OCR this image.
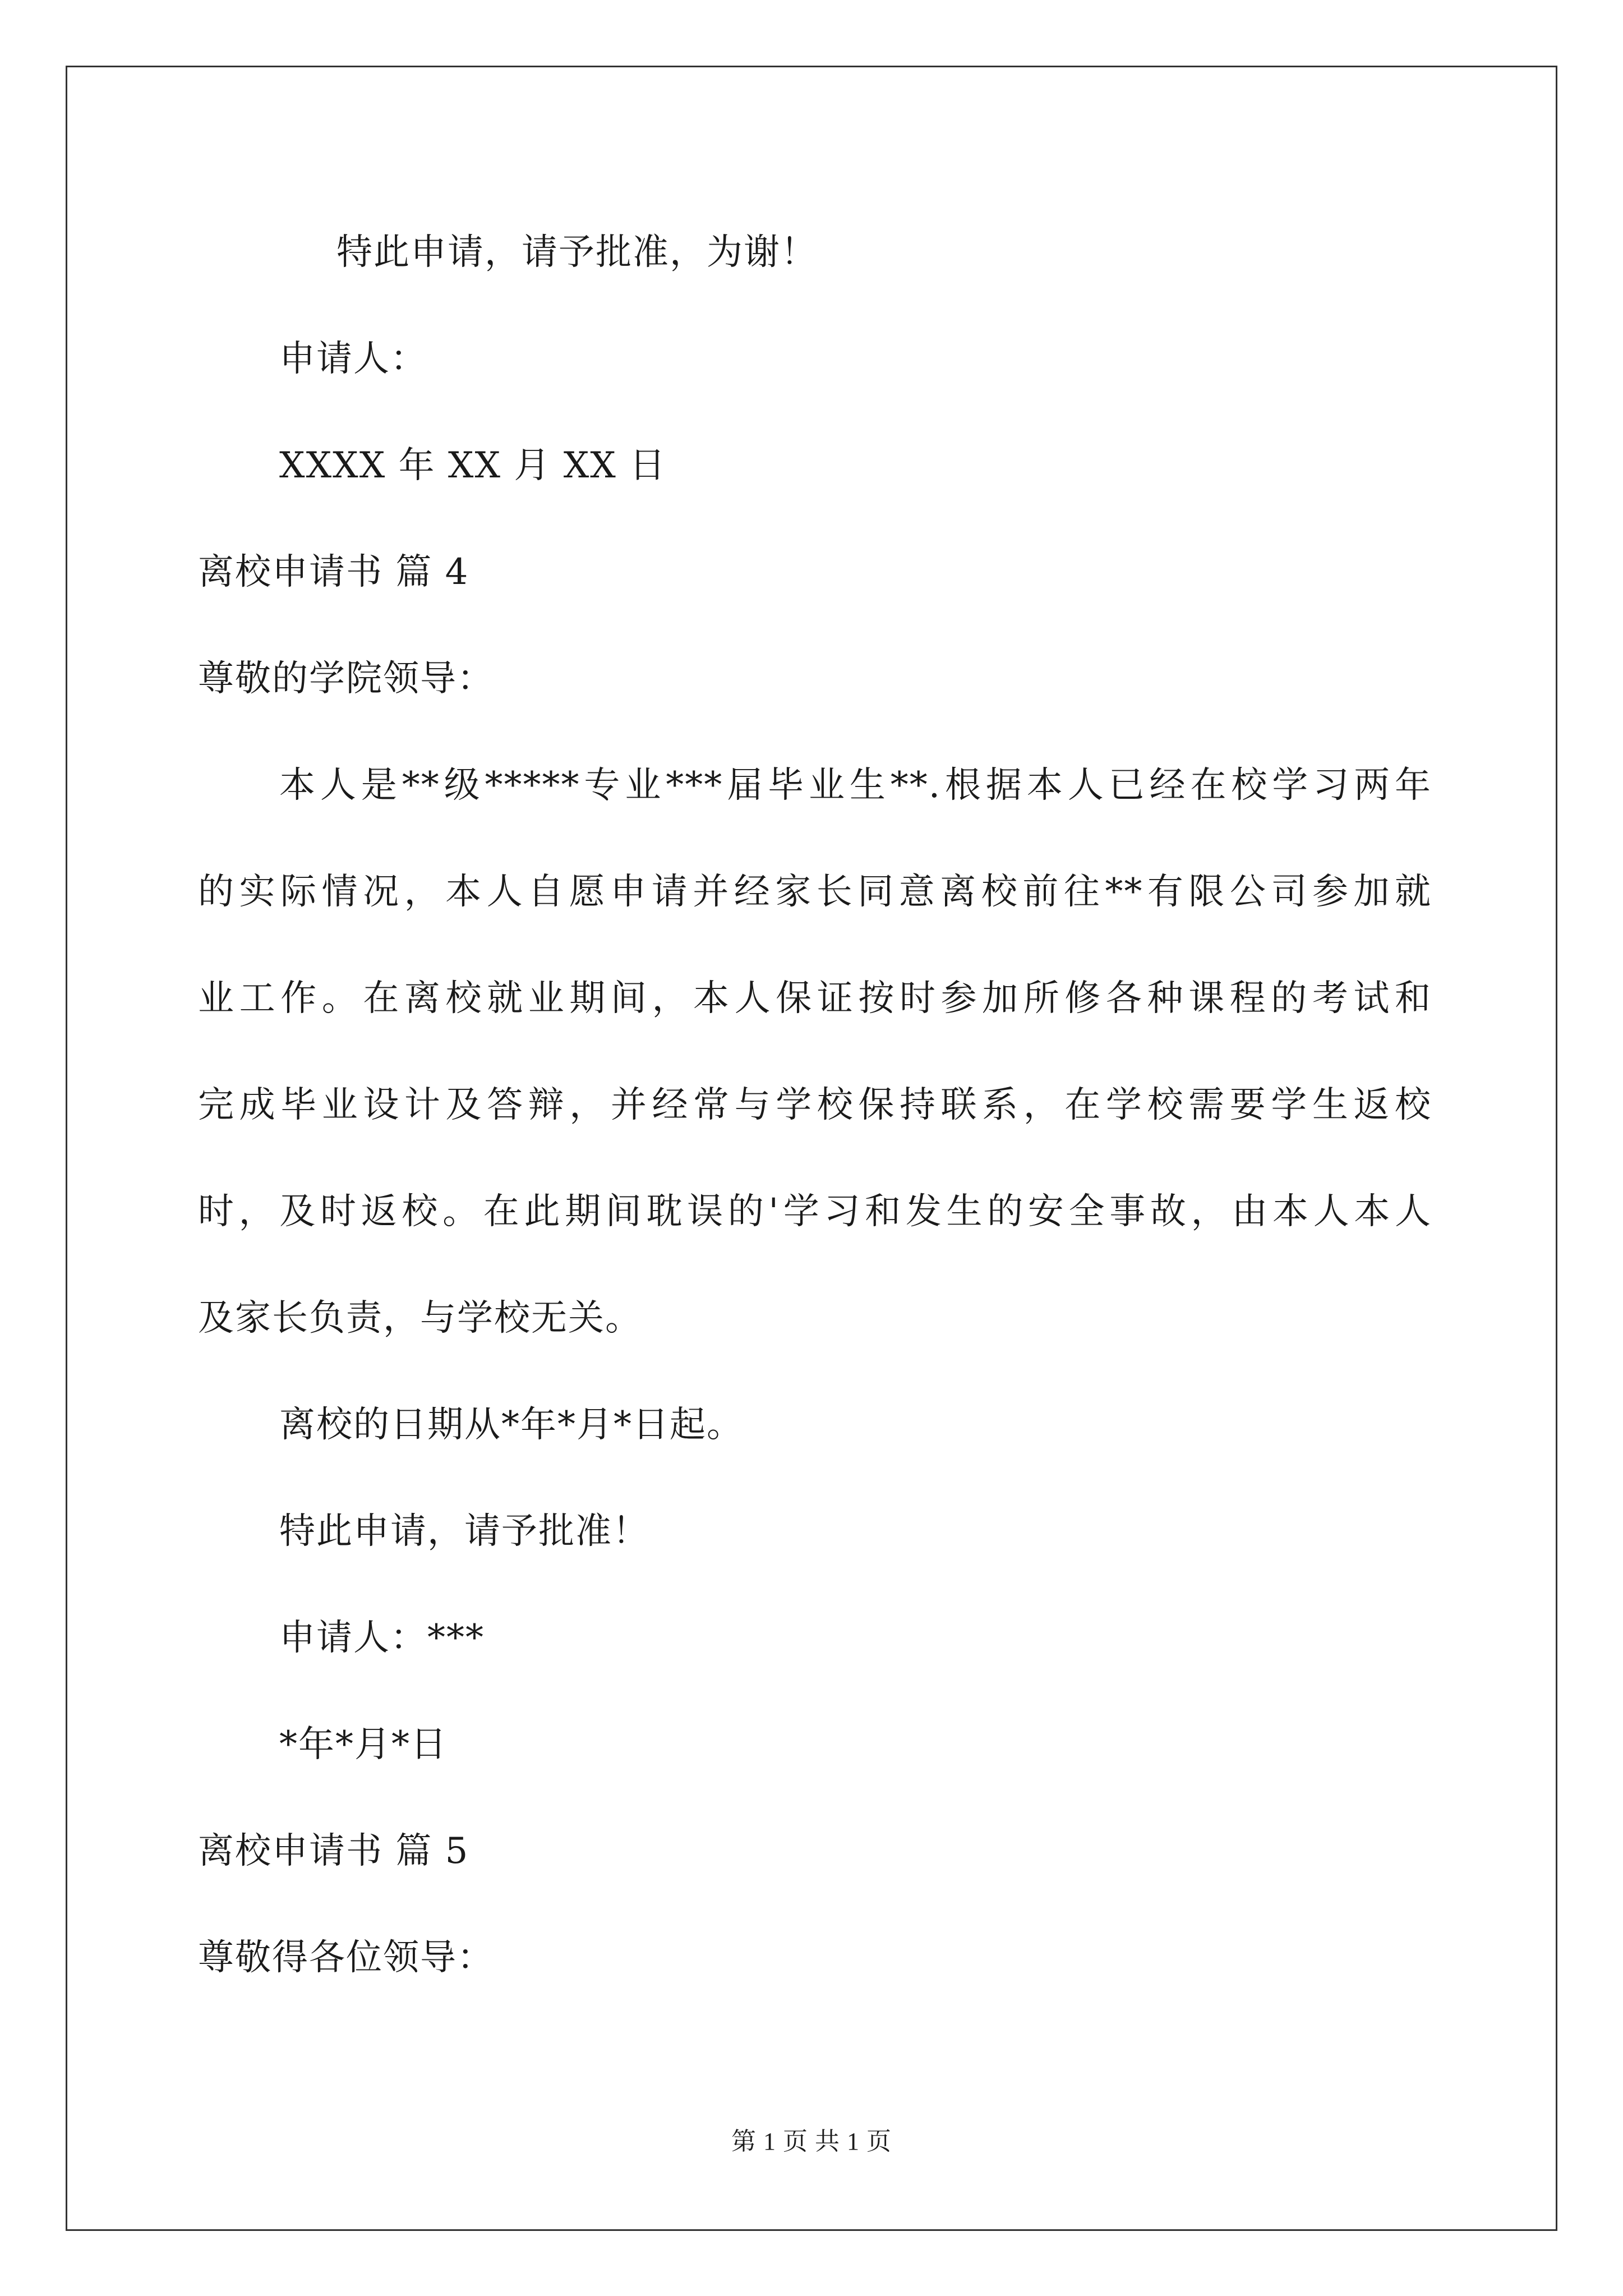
特此申请，请予批准，为谢！
申请人：
XXXX 年 XX 月 XX 日
离校申请书 篇 4
尊敬的学院领导：
本人是**级*****专业***届毕业生**.根据本人已经在校学习两年
的实际情况，本人自愿申请并经家长同意离校前往**有限公司参加就
业工作。在离校就业期间，本人保证按时参加所修各种课程的考试和
完成毕业设计及答辩，并经常与学校保持联系，在学校需要学生返校
时，及时返校。在此期间耽误的'学习和发生的安全事故，由本人本人
及家长负责，与学校无关。
离校的日期从*年*月*日起。
特此申请，请予批准！
申请人：***
*年*月*日
离校申请书 篇 5
尊敬得各位领导：
第 1 页 共 1 页
